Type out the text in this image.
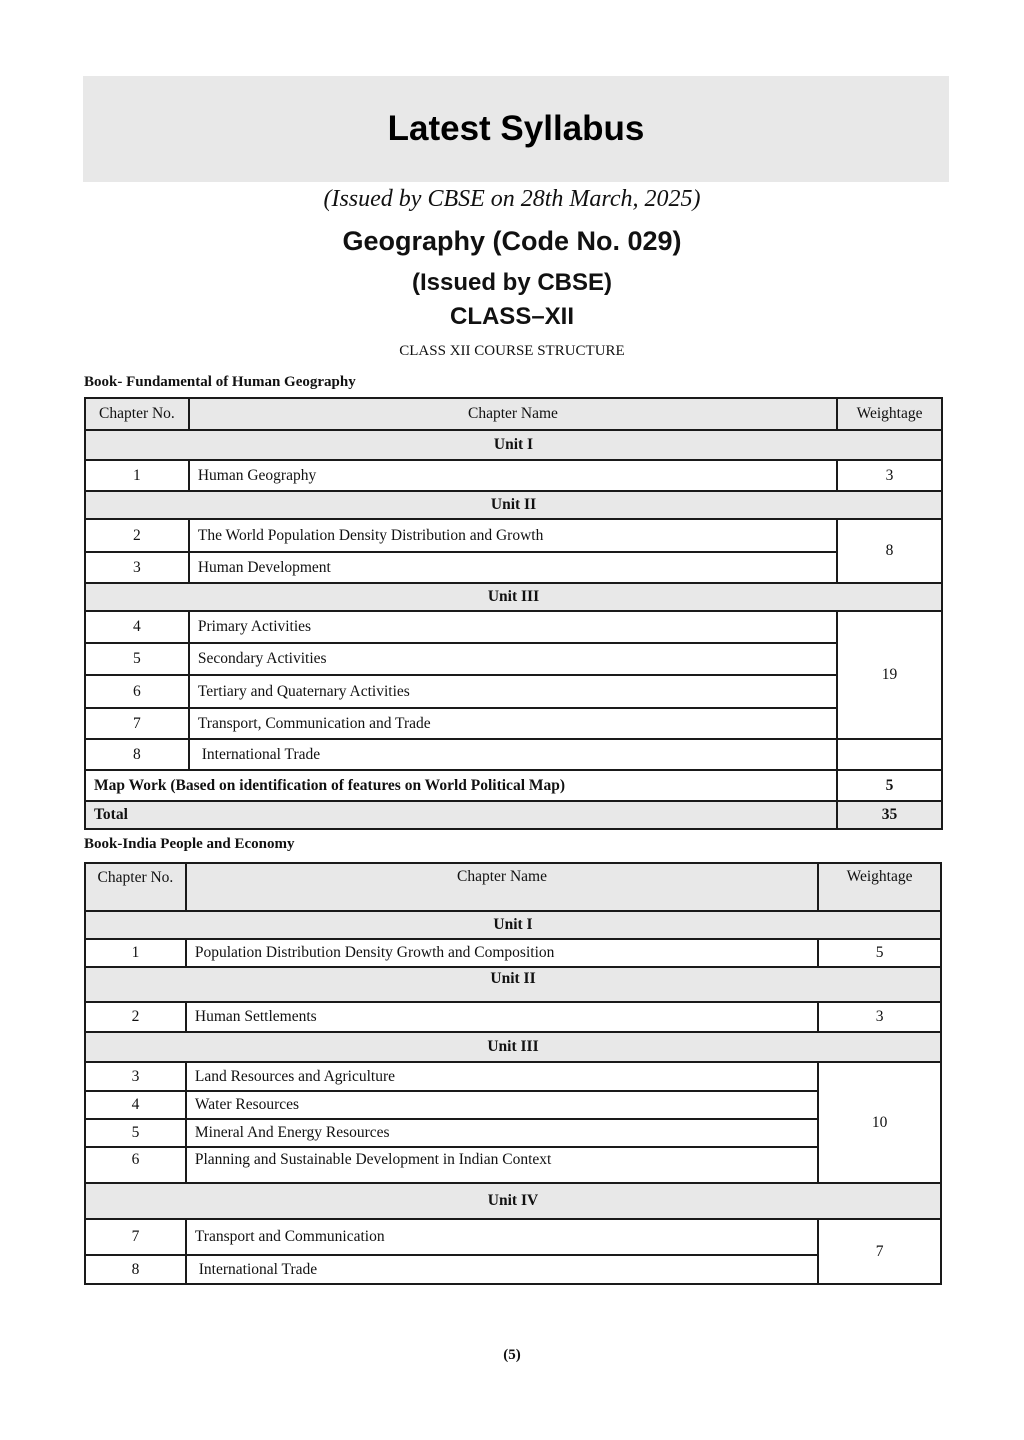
Latest Syllabus
(Issued by CBSE on 28th March, 2025)
Geography (Code No. 029)
(Issued by CBSE)
CLASS–XII
CLASS XII COURSE STRUCTURE
Book- Fundamental of Human Geography
Chapter No.	Chapter Name	Weightage
Unit I		
1	Human Geography	3
Unit II		
2	The World Population Density Distribution and Growth	8
3	Human Development	
Unit III		
4	Primary Activities	19
5	Secondary Activities	
6	Tertiary and Quaternary Activities	
7	Transport, Communication and Trade	
8	International Trade	
Map Work (Based on identification of features on World Political Map)		5
Total		35
Book-India People and Economy
Chapter No.	Chapter Name	Weightage
Unit I		
1	Population Distribution Density Growth and Composition	5
Unit II		
2	Human Settlements	3
Unit III		
3	Land Resources and Agriculture	10
4	Water Resources	
5	Mineral And Energy Resources	
6	Planning and Sustainable Development in Indian Context	
Unit IV		
7	Transport and Communication	7
8	International Trade	
(5)
